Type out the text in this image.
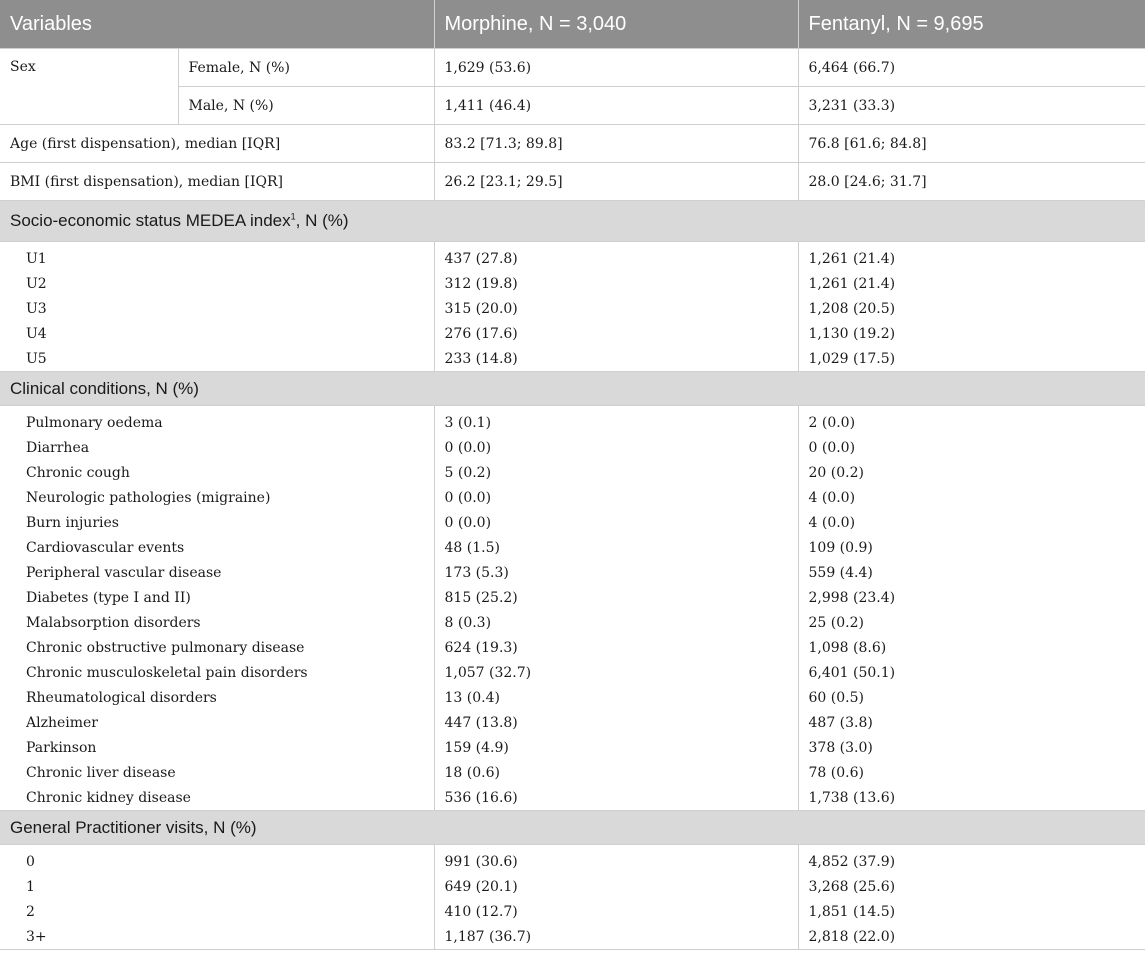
Variables		Morphine, N = 3,040	Fentanyl, N = 9,695
Sex	Female, N (%)	1,629 (53.6)	6,464 (66.7)
	Male, N (%)	1,411 (46.4)	3,231 (33.3)
Age (first dispensation), median [IQR]		83.2 [71.3; 89.8]	76.8 [61.6; 84.8]
BMI (first dispensation), median [IQR]		26.2 [23.1; 29.5]	28.0 [24.6; 31.7]
Socio-economic status MEDEA index$^1$, N (%)			

U1		437 (27.8)	1,261 (21.4)
U2		312 (19.8)	1,261 (21.4)
U3		315 (20.0)	1,208 (20.5)
U4		276 (17.6)	1,130 (19.2)
U5		233 (14.8)	1,029 (17.5)
Clinical conditions, N (%)			

Pulmonary oedema		3 (0.1)	2 (0.0)
Diarrhea		0 (0.0)	0 (0.0)
Chronic cough		5 (0.2)	20 (0.2)
Neurologic pathologies (migraine)		0 (0.0)	4 (0.0)
Burn injuries		0 (0.0)	4 (0.0)
Cardiovascular events		48 (1.5)	109 (0.9)
Peripheral vascular disease		173 (5.3)	559 (4.4)
Diabetes (type I and II)		815 (25.2)	2,998 (23.4)
Malabsorption disorders		8 (0.3)	25 (0.2)
Chronic obstructive pulmonary disease		624 (19.3)	1,098 (8.6)
Chronic musculoskeletal pain disorders		1,057 (32.7)	6,401 (50.1)
Rheumatological disorders		13 (0.4)	60 (0.5)
Alzheimer		447 (13.8)	487 (3.8)
Parkinson		159 (4.9)	378 (3.0)
Chronic liver disease		18 (0.6)	78 (0.6)
Chronic kidney disease		536 (16.6)	1,738 (13.6)
General Practitioner visits, N (%)			

0		991 (30.6)	4,852 (37.9)
1		649 (20.1)	3,268 (25.6)
2		410 (12.7)	1,851 (14.5)
3+		1,187 (36.7)	2,818 (22.0)
